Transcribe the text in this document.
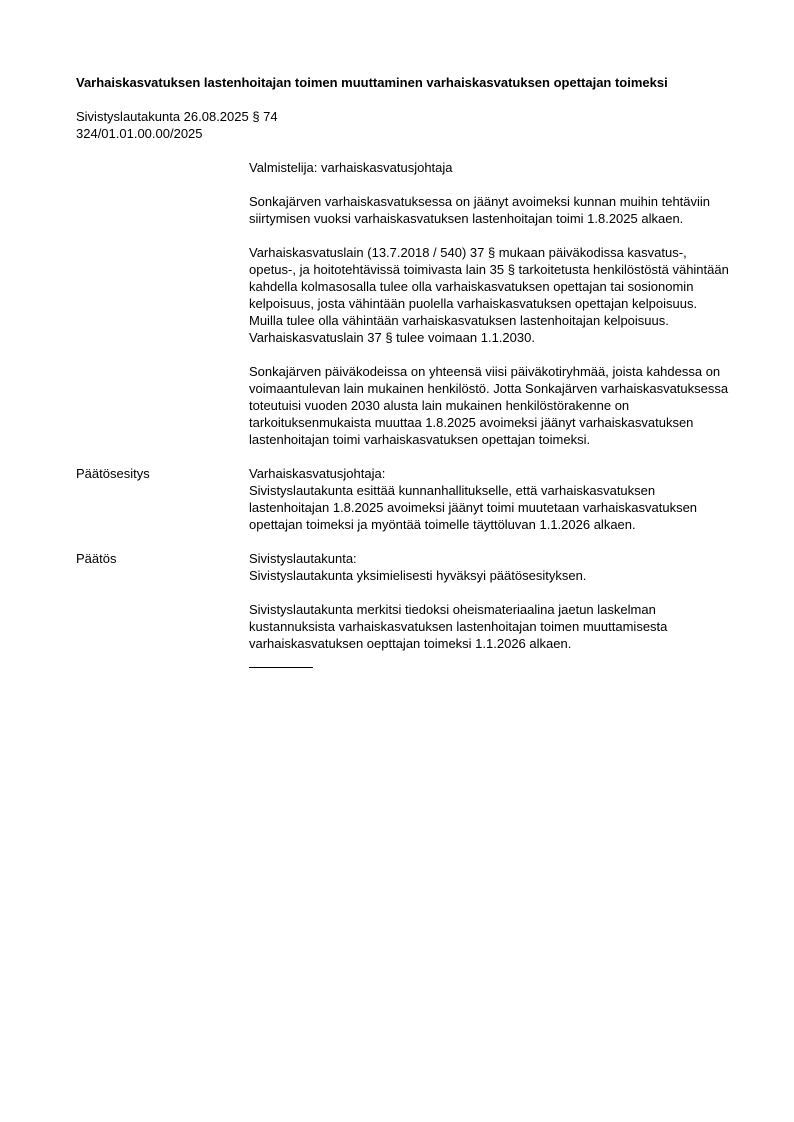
Varhaiskasvatuksen lastenhoitajan toimen muuttaminen varhaiskasvatuksen opettajan toimeksi

Sivistyslautakunta 26.08.2025 § 74
324/01.01.00.00/2025

Valmistelija: varhaiskasvatusjohtaja

Sonkajärven varhaiskasvatuksessa on jäänyt avoimeksi kunnan muihin tehtäviin siirtymisen vuoksi varhaiskasvatuksen lastenhoitajan toimi 1.8.2025 alkaen.

Varhaiskasvatuslain (13.7.2018 / 540) 37 § mukaan päiväkodissa kasvatus-, opetus-, ja hoitotehtävissä toimivasta lain 35 § tarkoitetusta henkilöstöstä vähintään kahdella kolmasosalla tulee olla varhaiskasvatuksen opettajan tai sosionomin kelpoisuus, josta vähintään puolella varhaiskasvatuksen opettajan kelpoisuus. Muilla tulee olla vähintään varhaiskasvatuksen lastenhoitajan kelpoisuus. Varhaiskasvatuslain 37 § tulee voimaan 1.1.2030.

Sonkajärven päiväkodeissa on yhteensä viisi päiväkotiryhmää, joista kahdessa on voimaantulevan lain mukainen henkilöstö. Jotta Sonkajärven varhaiskasvatuksessa toteutuisi vuoden 2030 alusta lain mukainen henkilöstörakenne on tarkoituksenmukaista muuttaa 1.8.2025 avoimeksi jäänyt varhaiskasvatuksen lastenhoitajan toimi varhaiskasvatuksen opettajan toimeksi.

Päätösesitys	Varhaiskasvatusjohtaja:

Sivistyslautakunta esittää kunnanhallitukselle, että varhaiskasvatuksen lastenhoitajan 1.8.2025 avoimeksi jäänyt toimi muutetaan varhaiskasvatuksen opettajan toimeksi ja myöntää toimelle täyttöluvan 1.1.2026 alkaen.

Päätös	Sivistyslautakunta:

Sivistyslautakunta yksimielisesti hyväksyi päätösesityksen.

Sivistyslautakunta merkitsi tiedoksi oheismateriaalina jaetun laskelman kustannuksista varhaiskasvatuksen lastenhoitajan toimen muuttamisesta varhaiskasvatuksen oepttajan toimeksi 1.1.2026 alkaen.
